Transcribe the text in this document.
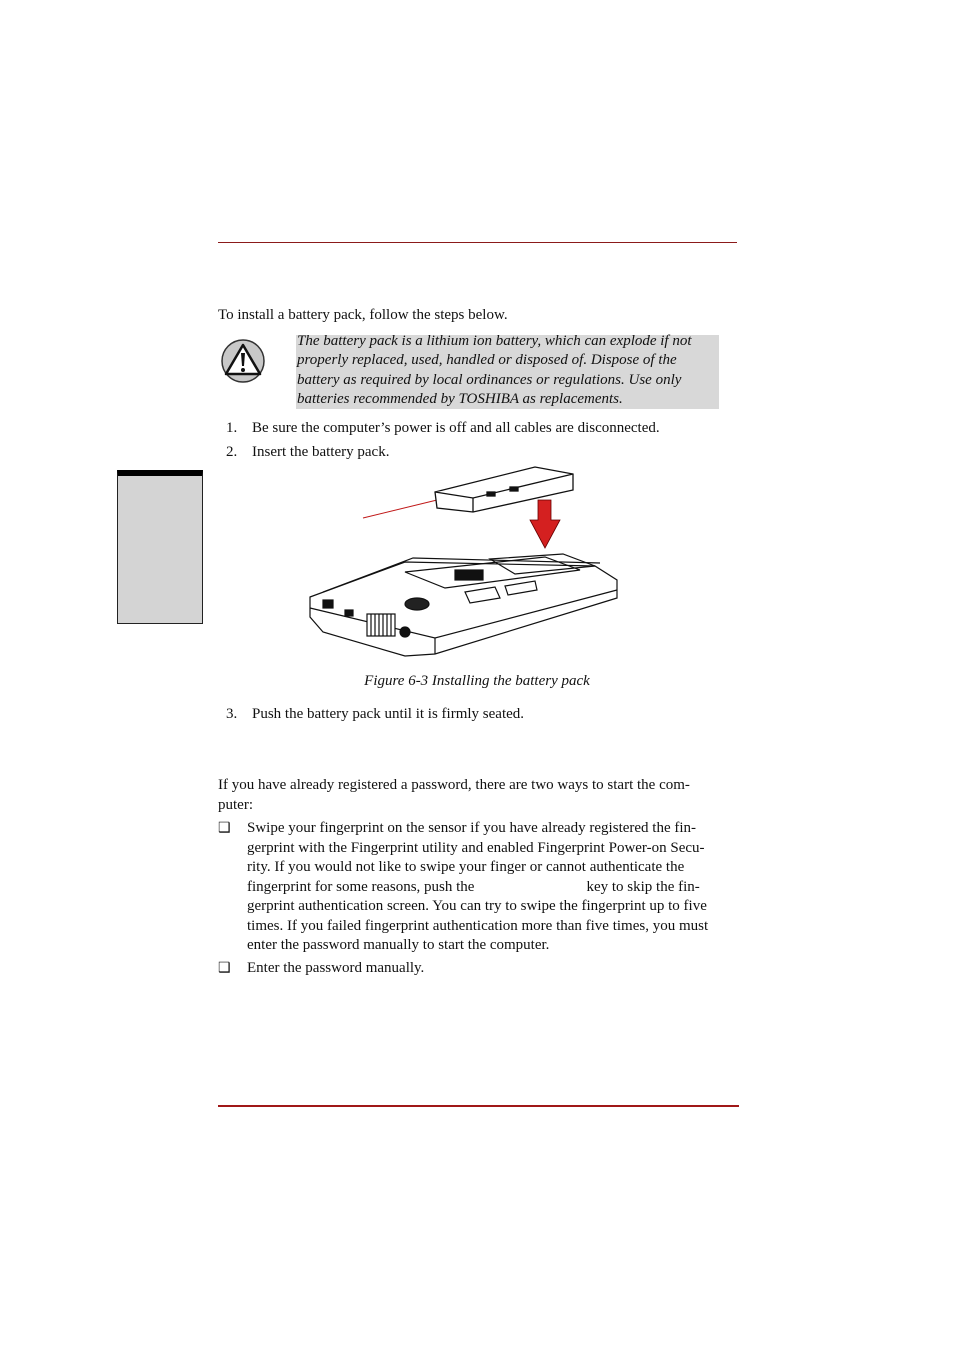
To install a battery pack, follow the steps below.
The battery pack is a lithium ion battery, which can explode if not
properly replaced, used, handled or disposed of. Dispose of the
battery as required by local ordinances or regulations. Use only
batteries recommended by TOSHIBA as replacements.
1. Be sure the computer’s power is off and all cables are disconnected.
2. Insert the battery pack.
Figure 6-3 Installing the battery pack
3. Push the battery pack until it is firmly seated.
If you have already registered a password, there are two ways to start the com-
puter:
❑ Swipe your fingerprint on the sensor if you have already registered the fin-
gerprint with the Fingerprint utility and enabled Fingerprint Power-on Secu-
rity. If you would not like to swipe your finger or cannot authenticate the
fingerprint for some reasons, push the	key to skip the fin-
gerprint authentication screen. You can try to swipe the fingerprint up to five
times. If you failed fingerprint authentication more than five times, you must
enter the password manually to start the computer.
❑ Enter the password manually.
